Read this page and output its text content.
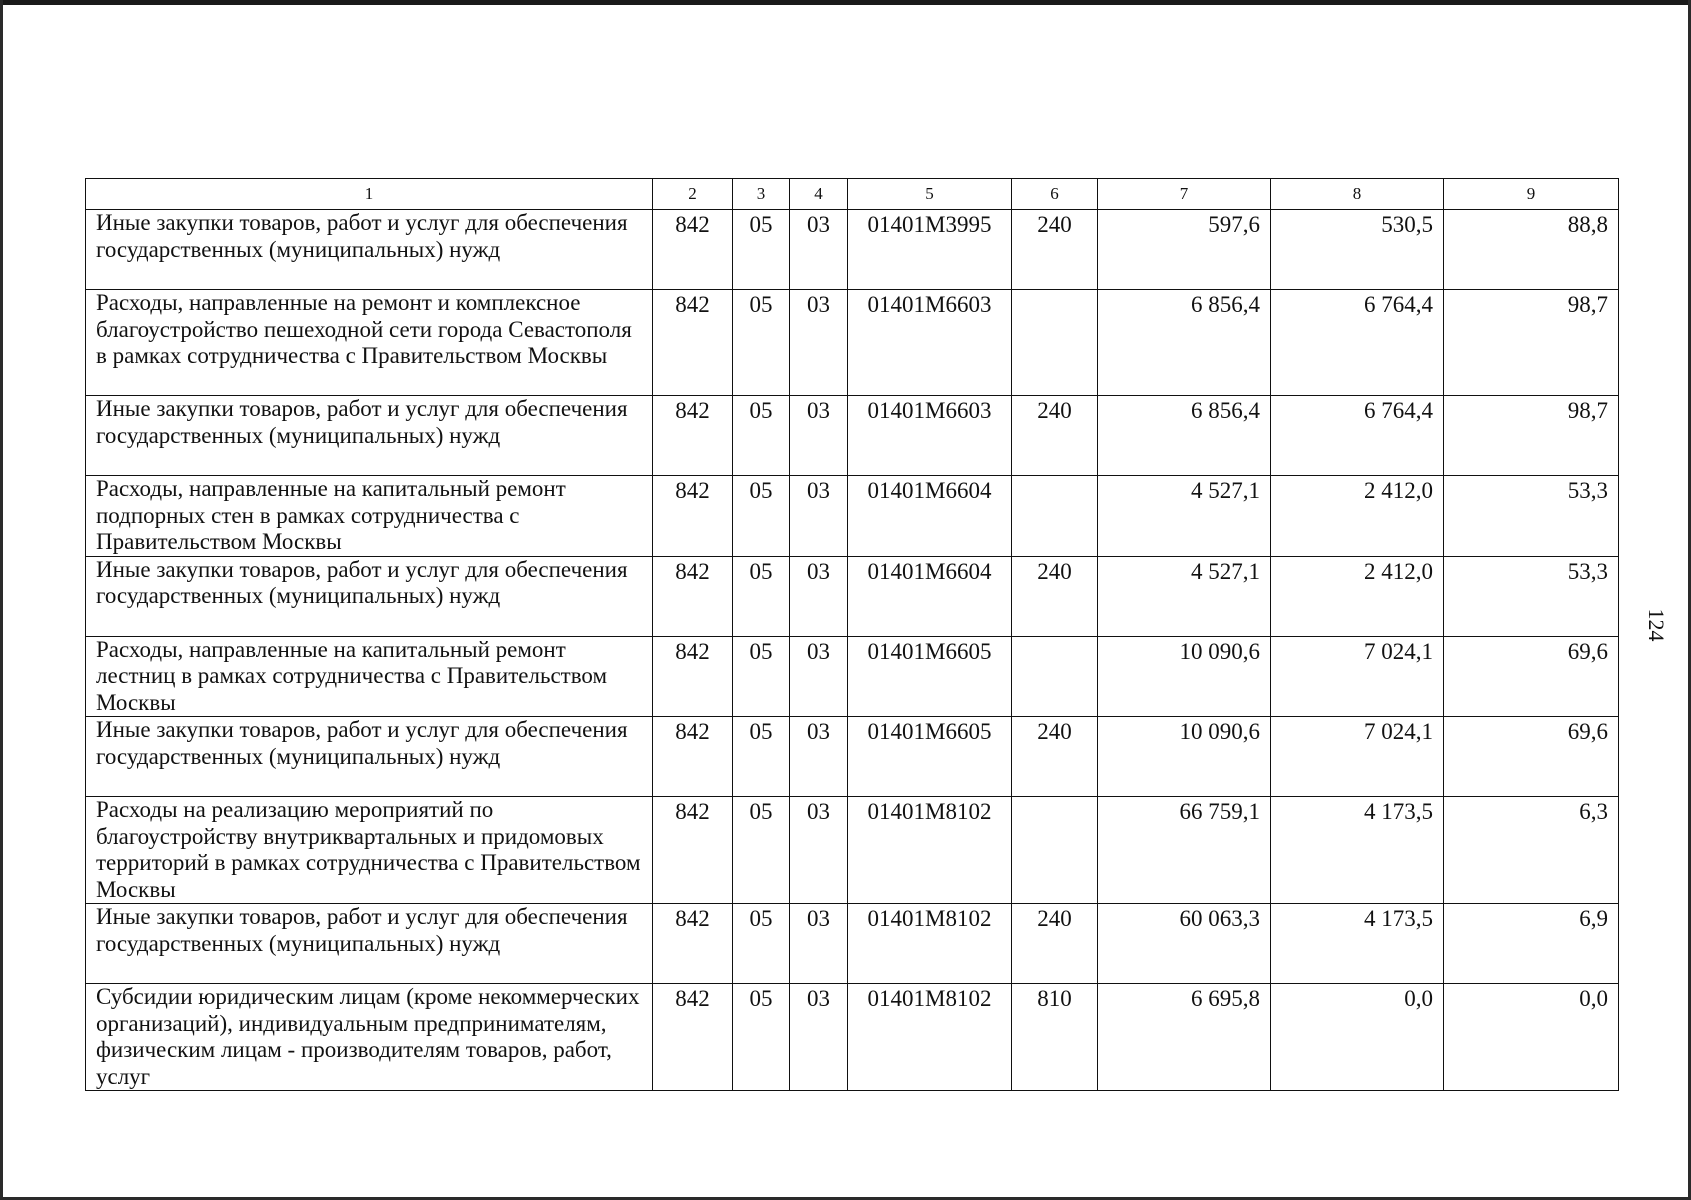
1	2	3	4	5	6	7	8	9
Иные закупки товаров, работ и услуг для обеспечения государственных (муниципальных) нужд	842	05	03	01401М3995	240	597,6	530,5	88,8
Расходы, направленные на ремонт и комплексное благоустройство пешеходной сети города Севастополя в рамках сотрудничества с Правительством Москвы	842	05	03	01401М6603		6 856,4	6 764,4	98,7
Иные закупки товаров, работ и услуг для обеспечения государственных (муниципальных) нужд	842	05	03	01401М6603	240	6 856,4	6 764,4	98,7
Расходы, направленные на капитальный ремонт подпорных стен в рамках сотрудничества с Правительством Москвы	842	05	03	01401М6604		4 527,1	2 412,0	53,3
Иные закупки товаров, работ и услуг для обеспечения государственных (муниципальных) нужд	842	05	03	01401М6604	240	4 527,1	2 412,0	53,3
Расходы, направленные на капитальный ремонт лестниц в рамках сотрудничества с Правительством Москвы	842	05	03	01401М6605		10 090,6	7 024,1	69,6
Иные закупки товаров, работ и услуг для обеспечения государственных (муниципальных) нужд	842	05	03	01401М6605	240	10 090,6	7 024,1	69,6
Расходы на реализацию мероприятий по благоустройству внутриквартальных и придомовых территорий в рамках сотрудничества с Правительством Москвы	842	05	03	01401М8102		66 759,1	4 173,5	6,3
Иные закупки товаров, работ и услуг для обеспечения государственных (муниципальных) нужд	842	05	03	01401М8102	240	60 063,3	4 173,5	6,9
Субсидии юридическим лицам (кроме некоммерческих организаций), индивидуальным предпринимателям, физическим лицам - производителям товаров, работ, услуг	842	05	03	01401М8102	810	6 695,8	0,0	0,0
124
